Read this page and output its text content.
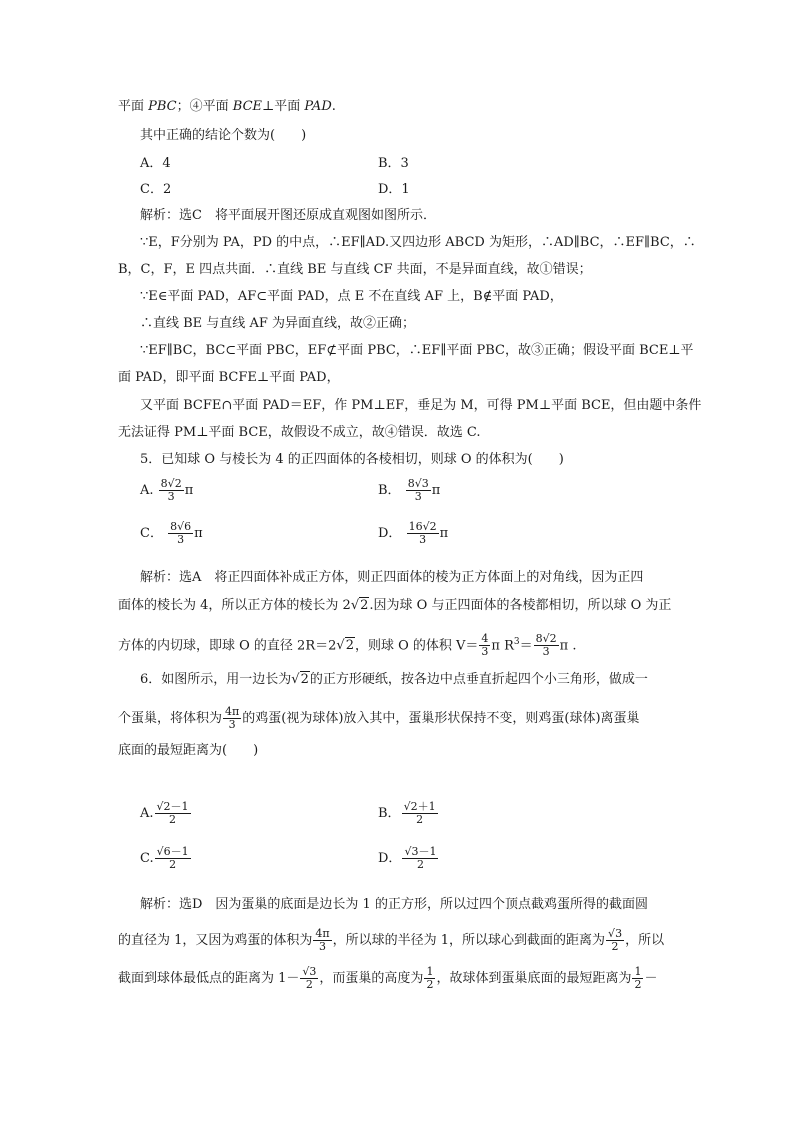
平面 PBC；④平面 BCE⊥平面 PAD.
其中正确的结论个数为(　　)
A．4	B．3
C．2	D．1
解析：选C　将平面展开图还原成直观图如图所示．
∵E，F分别为 PA，PD 的中点，∴EF∥AD.又四边形 ABCD 为矩形，∴AD∥BC，∴EF∥BC，∴
B，C，F，E 四点共面．∴直线 BE 与直线 CF 共面，不是异面直线，故①错误；
∵E∈平面 PAD，AF⊂平面 PAD，点 E 不在直线 AF 上，B∉平面 PAD，
∴直线 BE 与直线 AF 为异面直线，故②正确；
∵EF∥BC，BC⊂平面 PBC，EF⊄平面 PBC，∴EF∥平面 PBC，故③正确；假设平面 BCE⊥平
面 PAD，即平面 BCFE⊥平面 PAD，
又平面 BCFE∩平面 PAD＝EF，作 PM⊥EF，垂足为 M，可得 PM⊥平面 BCE，但由题中条件
无法证得 PM⊥平面 BCE，故假设不成立，故④错误．故选 C.
5．已知球 O 与棱长为 4 的正四面体的各棱相切，则球 O 的体积为(　　)
A. $\frac{8√2}{3}$ π	B． $\frac{8√3}{3}$ π
C． $\frac{8√6}{3}$ π	D． $\frac{16√2}{3}$ π
解析：选A　将正四面体补成正方体，则正四面体的棱为正方体面上的对角线，因为正四
面体的棱长为 4，所以正方体的棱长为 2√2.因为球 O 与正四面体的各棱都相切，所以球 O 为正
方体的内切球，即球 O 的直径 2R＝2√2，则球 O 的体积 $V= \frac{4}{3}$ π $R^3= \frac{8√2}{3}$ π .
6．如图所示，用一边长为√2的正方形硬纸，按各边中点垂直折起四个小三角形，做成一
个蛋巢，将体积为 $\frac{4\pi}{3}$ 的鸡蛋(视为球体)放入其中，蛋巢形状保持不变，则鸡蛋(球体)离蛋巢
底面的最短距离为(　　)
A. $\frac{√2-1}{2}$	B． $\frac{√2+1}{2}$
C. $\frac{√6-1}{2}$	D． $\frac{√3-1}{2}$
解析：选D　因为蛋巢的底面是边长为 1 的正方形，所以过四个顶点截鸡蛋所得的截面圆
的直径为 1，又因为鸡蛋的体积为 $\frac{4\pi}{3}$ ，所以球的半径为 1，所以球心到截面的距离为 $\frac{√3}{2}$ ，所以
截面到球体最低点的距离为 $1- \frac{√3}{2}$ ，而蛋巢的高度为 $\frac{1}{2}$ ，故球体到蛋巢底面的最短距离为 $\frac{1}{2}$ －
